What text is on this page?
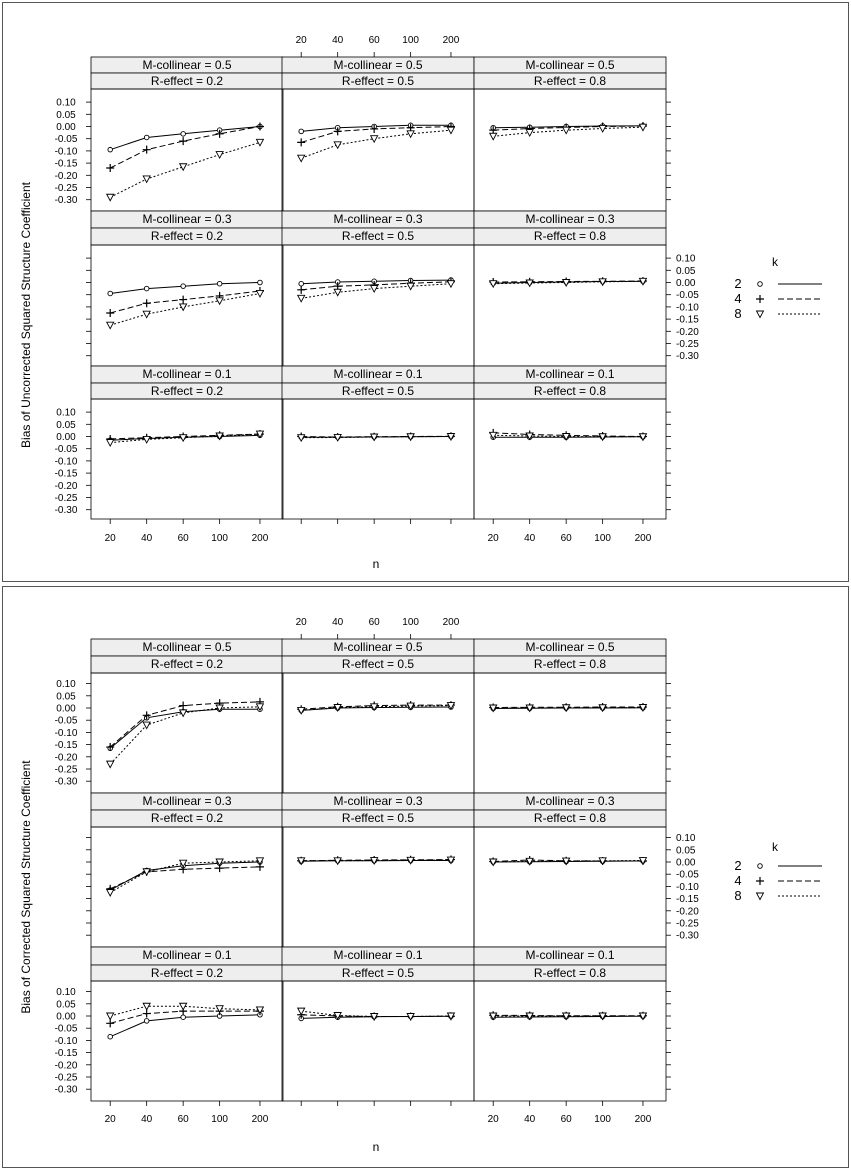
Bias of Uncorrected Squared Structure Coefficient
n
20	40	60 100 200
20	40	60 100 200	20	40	60 100 200
M-collinear = 0.5
R-effect = 0.2
M-collinear = 0.5
R-effect = 0.5
M-collinear = 0.5
R-effect = 0.8
0.10
0.05
0.00
-0.05
-0.10
-0.15
-0.20
-0.25
-0.30
M-collinear = 0.3
R-effect = 0.2
M-collinear = 0.3
R-effect = 0.5
M-collinear = 0.3
R-effect = 0.8
0.10
0.05
0.00
-0.05
-0.10
-0.15
-0.20
-0.25
-0.30
M-collinear = 0.1
R-effect = 0.2
M-collinear = 0.1
R-effect = 0.5
M-collinear = 0.1
R-effect = 0.8
0.10
0.05
0.00
-0.05
-0.10
-0.15
-0.20
-0.25
-0.30
k
2
4
8
Bias of Corrected Squared Structure Coefficient
n
20	40	60 100 200
20	40	60 100 200	20	40	60 100 200
M-collinear = 0.5
R-effect = 0.2
M-collinear = 0.5
R-effect = 0.5
M-collinear = 0.5
R-effect = 0.8
0.10
0.05
0.00
-0.05
-0.10
-0.15
-0.20
-0.25
-0.30
M-collinear = 0.3
R-effect = 0.2
M-collinear = 0.3
R-effect = 0.5
M-collinear = 0.3
R-effect = 0.8
0.10
0.05
0.00
-0.05
-0.10
-0.15
-0.20
-0.25
-0.30
M-collinear = 0.1
R-effect = 0.2
M-collinear = 0.1
R-effect = 0.5
M-collinear = 0.1
R-effect = 0.8
0.10
0.05
0.00
-0.05
-0.10
-0.15
-0.20
-0.25
-0.30
k
2
4
8
